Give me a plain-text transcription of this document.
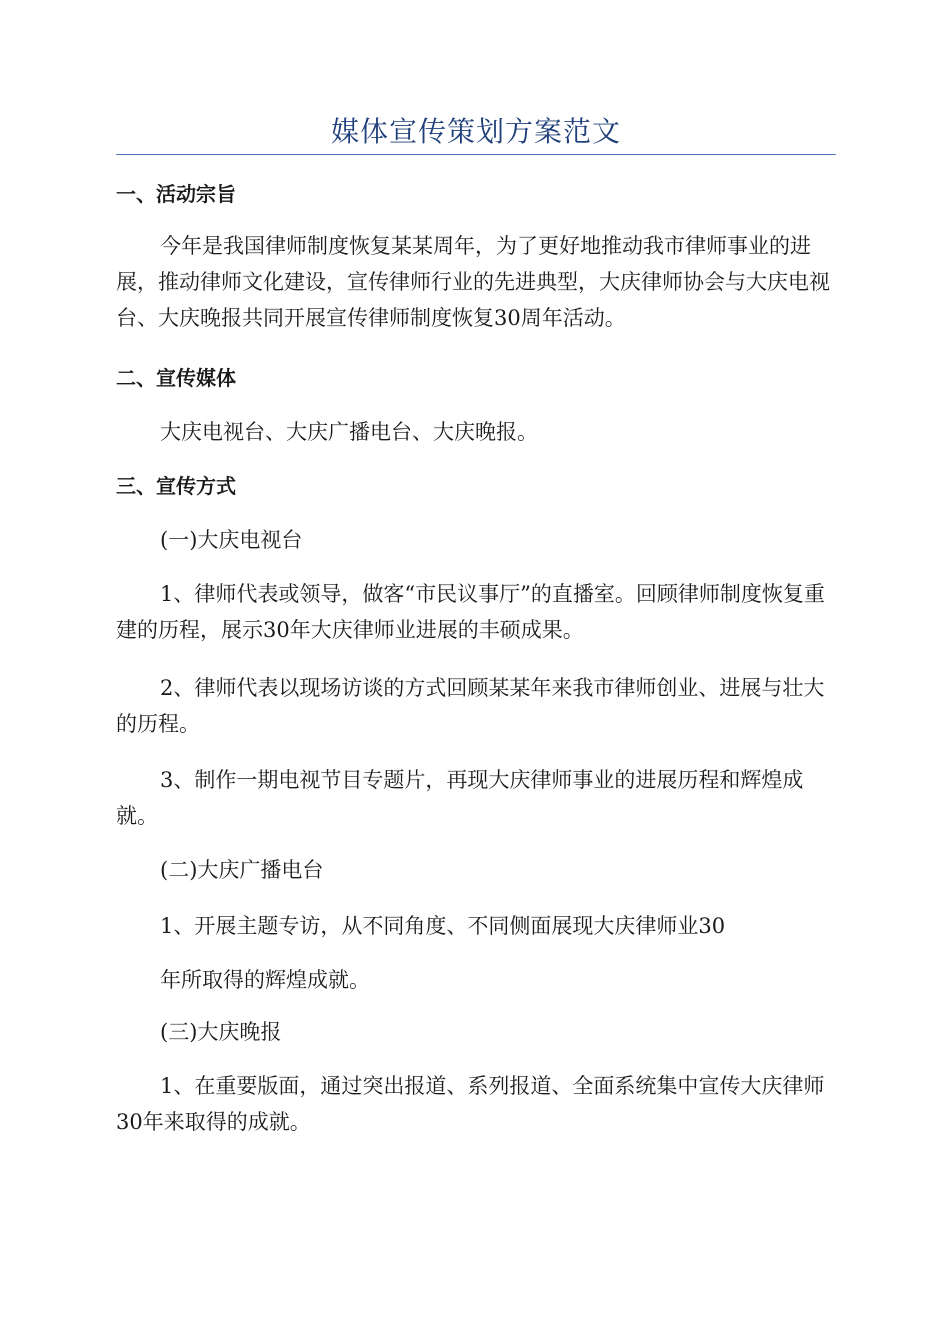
媒体宣传策划方案范文

一、活动宗旨

今年是我国律师制度恢复某某周年，为了更好地推动我市律师事业的进展，推动律师文化建设，宣传律师行业的先进典型，大庆律师协会与大庆电视台、大庆晚报共同开展宣传律师制度恢复30周年活动。

二、宣传媒体

大庆电视台、大庆广播电台、大庆晚报。

三、宣传方式

(一)大庆电视台

1、律师代表或领导，做客“市民议事厅”的直播室。回顾律师制度恢复重建的历程，展示30年大庆律师业进展的丰硕成果。

2、律师代表以现场访谈的方式回顾某某年来我市律师创业、进展与壮大的历程。

3、制作一期电视节目专题片，再现大庆律师事业的进展历程和辉煌成就。

(二)大庆广播电台

1、开展主题专访，从不同角度、不同侧面展现大庆律师业30

年所取得的辉煌成就。

(三)大庆晚报

1、在重要版面，通过突出报道、系列报道、全面系统集中宣传大庆律师30年来取得的成就。
